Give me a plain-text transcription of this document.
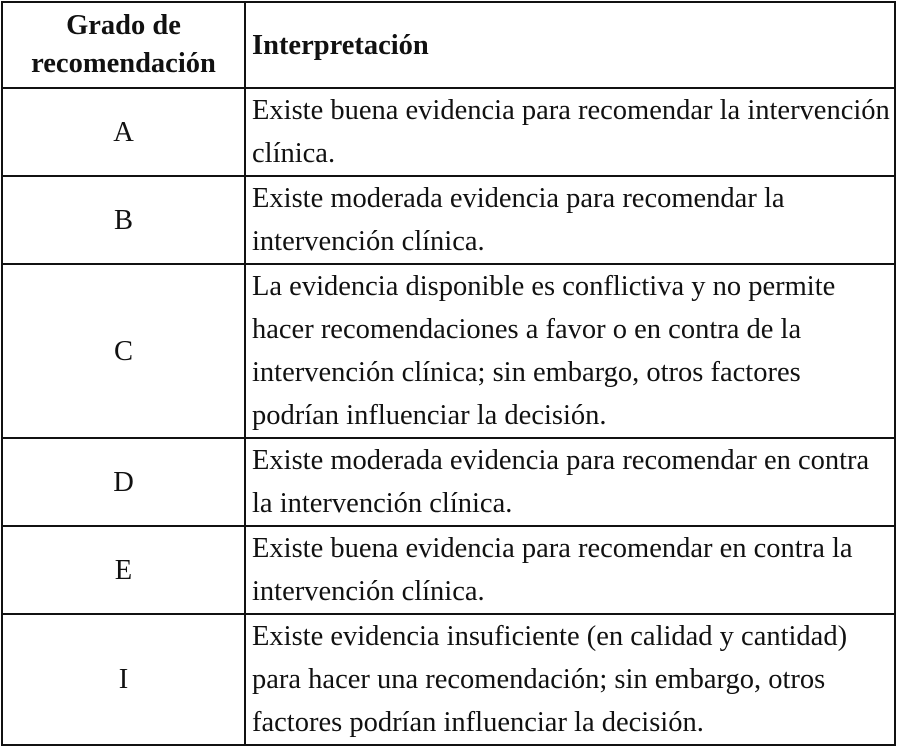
Grado de recomendación	Interpretación
A	Existe buena evidencia para recomendar la intervención clínica.
B	Existe moderada evidencia para recomendar la intervención clínica.
C	La evidencia disponible es conflictiva y no permite hacer recomendaciones a favor o en contra de la intervención clínica; sin embargo, otros factores podrían influenciar la decisión.
D	Existe moderada evidencia para recomendar en contra la intervención clínica.
E	Existe buena evidencia para recomendar en contra la intervención clínica.
I	Existe evidencia insuficiente (en calidad y cantidad) para hacer una recomendación; sin embargo, otros factores podrían influenciar la decisión.
